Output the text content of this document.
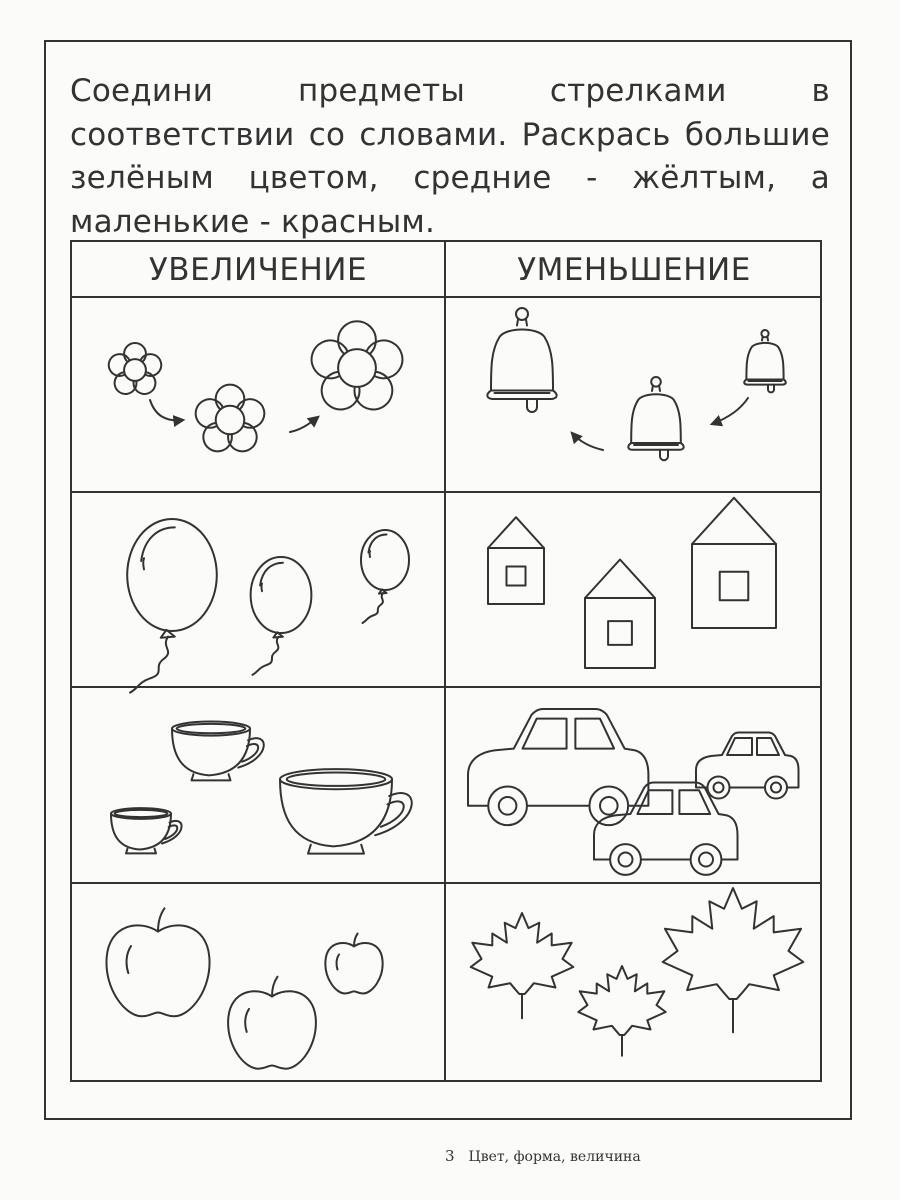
Соедини предметы стрелками в соответствии со словами. Раскрась большие зелёным цветом, средние - жёлтым, а маленькие - красным.
УВЕЛИЧЕНИЕ	УМЕНЬШЕНИЕ
3 Цвет, форма, величина
